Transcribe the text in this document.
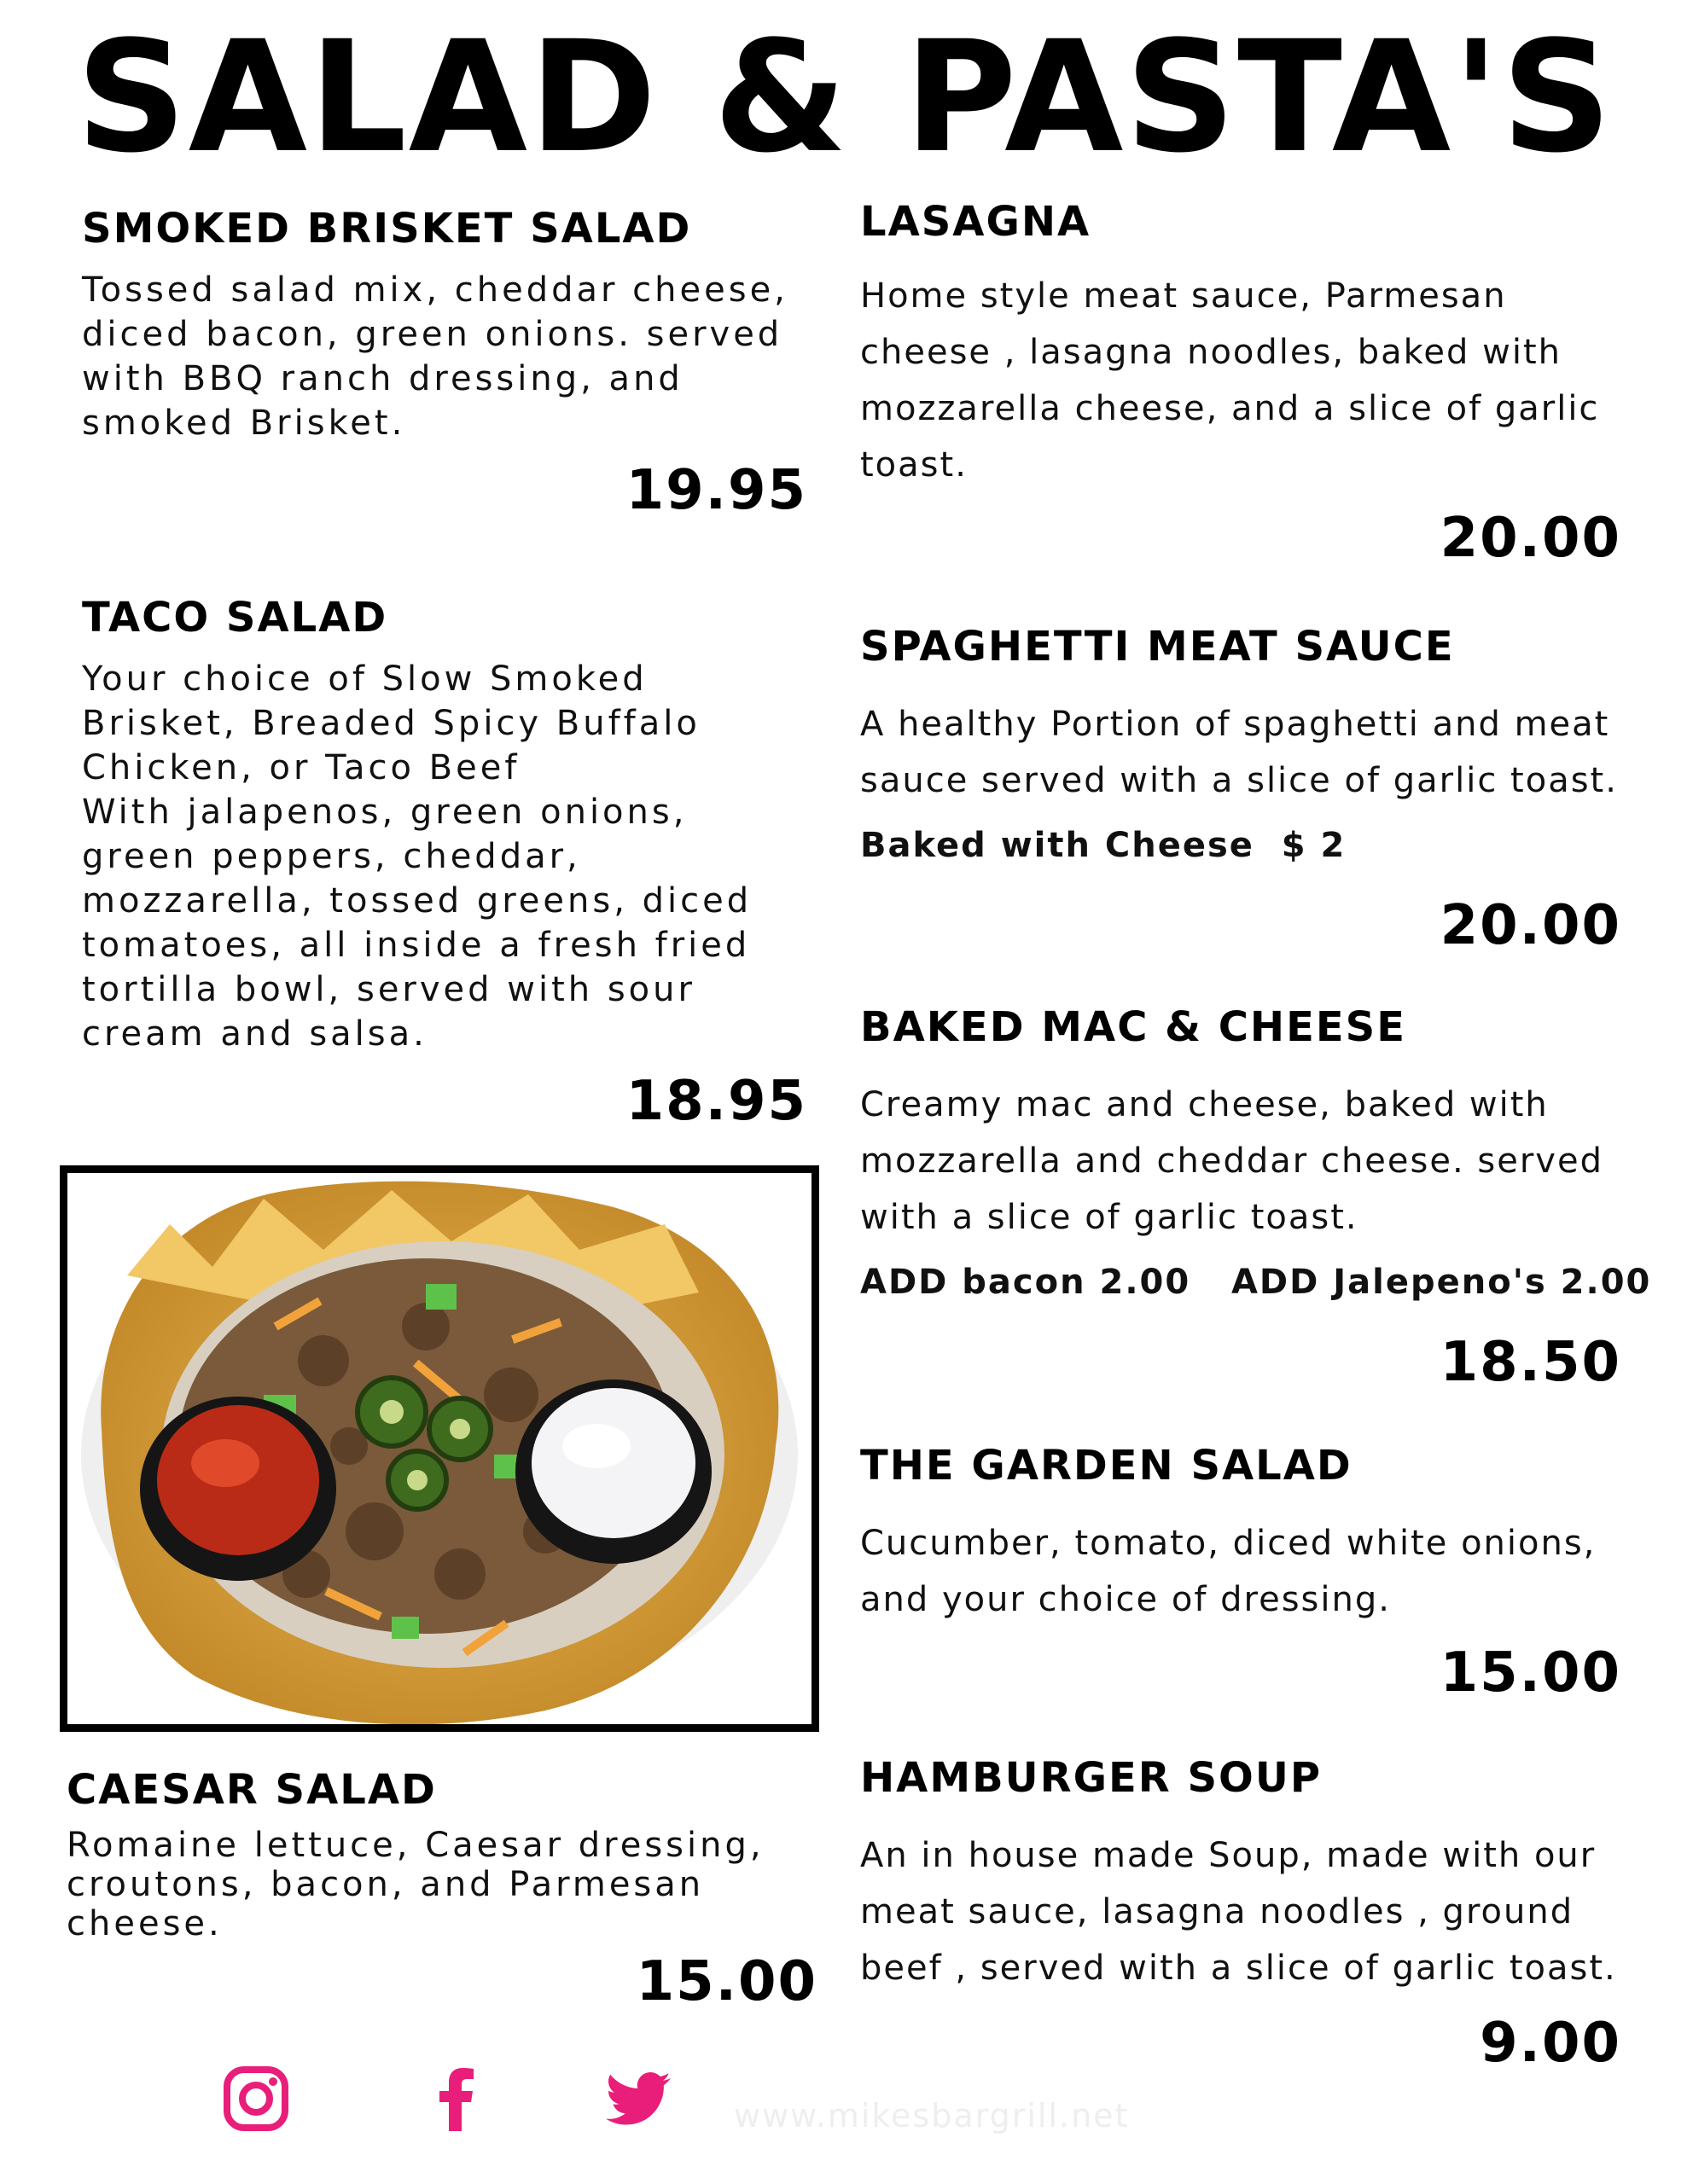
SALAD & PASTA'S
SMOKED BRISKET SALAD

Tossed salad mix, cheddar cheese, diced bacon, green onions. served with BBQ ranch dressing, and smoked Brisket.

19.95
TACO SALAD

Your choice of Slow Smoked Brisket, Breaded Spicy Buffalo Chicken, or Taco Beef
With jalapenos, green onions, green peppers, cheddar, mozzarella, tossed greens, diced tomatoes, all inside a fresh fried tortilla bowl, served with sour cream and salsa.

18.95
CAESAR SALAD

Romaine lettuce, Caesar dressing, croutons, bacon, and Parmesan cheese.

15.00
LASAGNA

Home style meat sauce, Parmesan cheese , lasagna noodles, baked with mozzarella cheese, and a slice of garlic toast.

20.00
SPAGHETTI MEAT SAUCE

A healthy Portion of spaghetti and meat sauce served with a slice of garlic toast.

Baked with Cheese  $ 2

20.00
BAKED MAC & CHEESE

Creamy mac and cheese, baked with mozzarella and cheddar cheese. served with a slice of garlic toast.

ADD bacon 2.00   ADD Jalepeno's 2.00

18.50
THE GARDEN SALAD

Cucumber, tomato, diced white onions, and your choice of dressing.

15.00
HAMBURGER SOUP

An in house made Soup, made with our meat sauce, lasagna noodles , ground beef , served with a slice of garlic toast.

9.00

www.mikesbargrill.net
